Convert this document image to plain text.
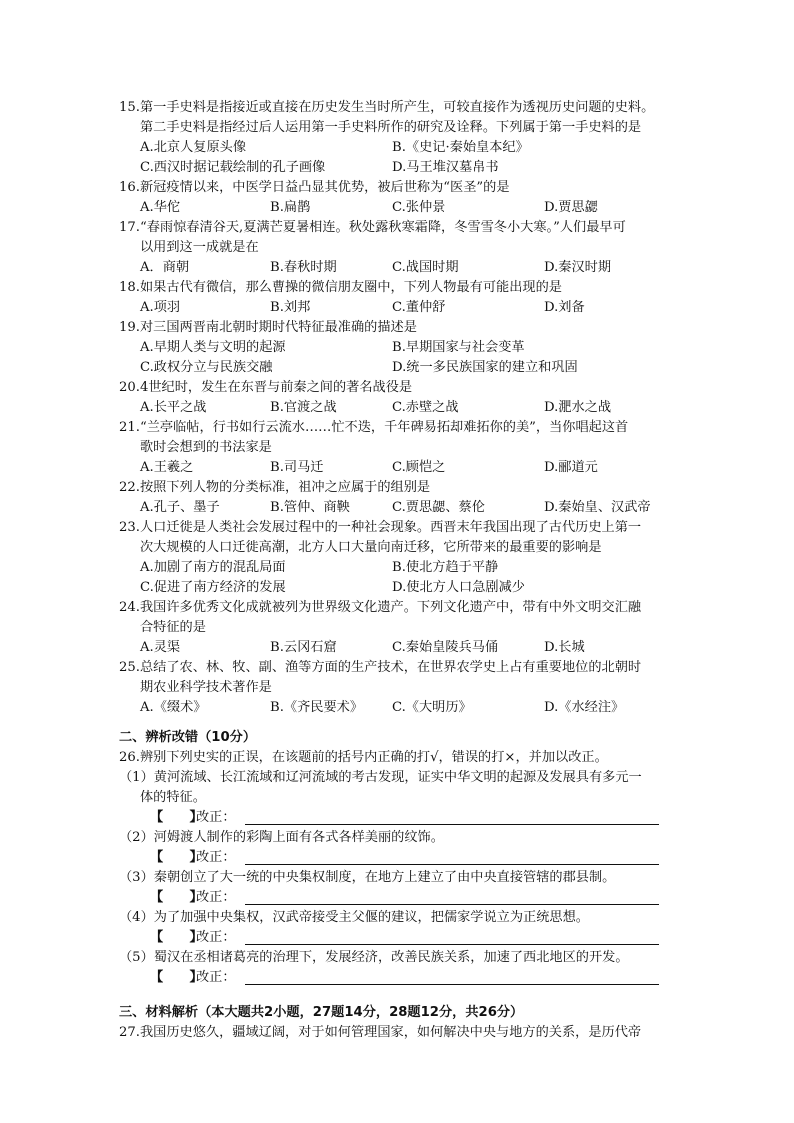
15.第一手史料是指接近或直接在历史发生当时所产生，可较直接作为透视历史问题的史料。
第二手史料是指经过后人运用第一手史料所作的研究及诠释。下列属于第一手史料的是
A.北京人复原头像	B.《史记·秦始皇本纪》
C.西汉时据记载绘制的孔子画像	D.马王堆汉墓帛书
16.新冠疫情以来，中医学日益凸显其优势，被后世称为“医圣”的是
A.华佗	B.扁鹊	C.张仲景	D.贾思勰
17.“春雨惊春清谷天,夏满芒夏暑相连。秋处露秋寒霜降，冬雪雪冬小大寒。”人们最早可
以用到这一成就是在
A．商朝	B.春秋时期	C.战国时期	D.秦汉时期
18.如果古代有微信，那么曹操的微信朋友圈中，下列人物最有可能出现的是
A.项羽	B.刘邦	C.董仲舒	D.刘备
19.对三国两晋南北朝时期时代特征最准确的描述是
A.早期人类与文明的起源	B.早期国家与社会变革
C.政权分立与民族交融	D.统一多民族国家的建立和巩固
20.4世纪时，发生在东晋与前秦之间的著名战役是
A.长平之战	B.官渡之战	C.赤壁之战	D.淝水之战
21.“兰亭临帖，行书如行云流水……忙不迭，千年碑易拓却难拓你的美”，当你唱起这首
歌时会想到的书法家是
A.王羲之	B.司马迁	C.顾恺之	D.郦道元
22.按照下列人物的分类标准，祖冲之应属于的组别是
A.孔子、墨子	B.管仲、商鞅	C.贾思勰、蔡伦	D.秦始皇、汉武帝
23.人口迁徙是人类社会发展过程中的一种社会现象。西晋末年我国出现了古代历史上第一
次大规模的人口迁徙高潮，北方人口大量向南迁移，它所带来的最重要的影响是
A.加剧了南方的混乱局面	B.使北方趋于平静
C.促进了南方经济的发展	D.使北方人口急剧减少
24.我国许多优秀文化成就被列为世界级文化遗产。下列文化遗产中，带有中外文明交汇融
合特征的是
A.灵渠	B.云冈石窟	C.秦始皇陵兵马俑	D.长城
25.总结了农、林、牧、副、渔等方面的生产技术，在世界农学史上占有重要地位的北朝时
期农业科学技术著作是
A.《缀术》	B.《齐民要术》 C.《大明历》	D.《水经注》
二、辨析改错（10分）
26.辨别下列史实的正误，在该题前的括号内正确的打√，错误的打×，并加以改正。
（1）黄河流域、长江流域和辽河流域的考古发现，证实中华文明的起源及发展具有多元一
体的特征。
【　　】改正：
（2）河姆渡人制作的彩陶上面有各式各样美丽的纹饰。
【　　】改正：
（3）秦朝创立了大一统的中央集权制度，在地方上建立了由中央直接管辖的郡县制。
【　　】改正：
（4）为了加强中央集权，汉武帝接受主父偃的建议，把儒家学说立为正统思想。
【　　】改正：
（5）蜀汉在丞相诸葛亮的治理下，发展经济，改善民族关系，加速了西北地区的开发。
【　　】改正：
三、材料解析（本大题共2小题，27题14分，28题12分，共26分）
27.我国历史悠久，疆域辽阔，对于如何管理国家，如何解决中央与地方的关系，是历代帝
